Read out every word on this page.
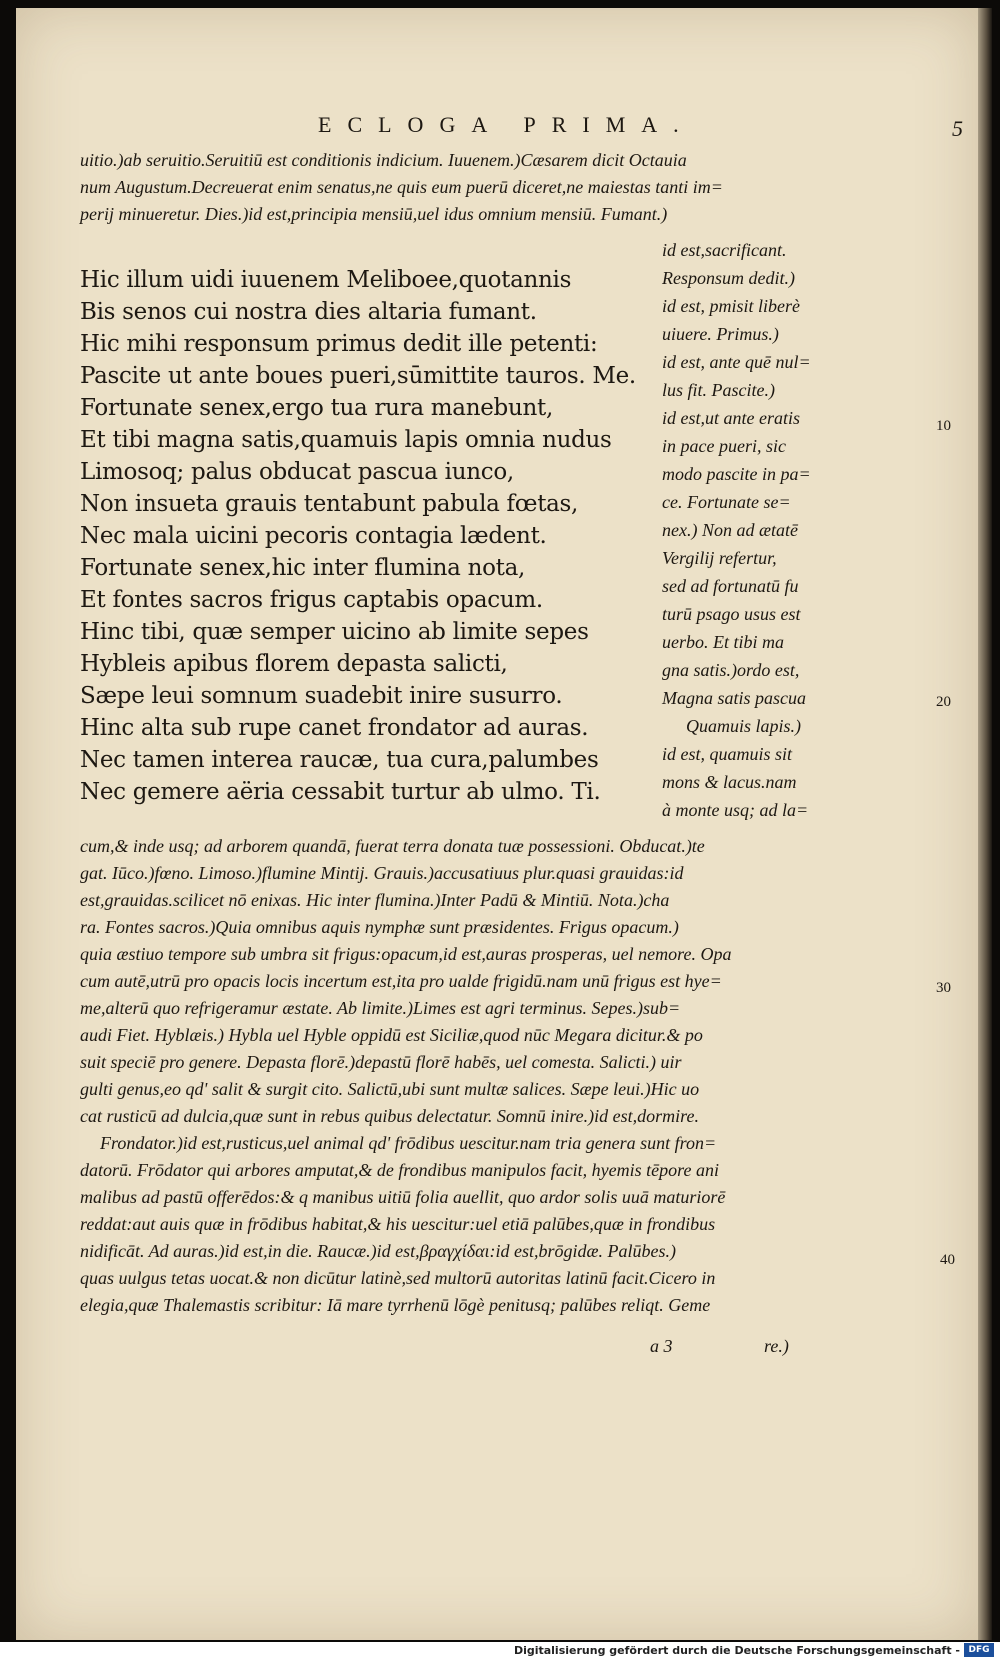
ECLOGA PRIMA.	5
uitio.)ab seruitio.Seruitiū est conditionis indicium. Iuuenem.)Cæsarem dicit Octauia
num Augustum.Decreuerat enim senatus,ne quis eum puerū diceret,ne maiestas tanti im=
perij minueretur. Dies.)id est,principia mensiū,uel idus omnium mensiū. Fumant.)
Hic illum uidi iuuenem Meliboee,quotannis
Bis senos cui nostra dies altaria fumant.
Hic mihi responsum primus dedit ille petenti:
Pascite ut ante boues pueri,sūmittite tauros. Me.
Fortunate senex,ergo tua rura manebunt,
Et tibi magna satis,quamuis lapis omnia nudus
Limosoq; palus obducat pascua iunco,
Non insueta grauis tentabunt pabula fœtas,
Nec mala uicini pecoris contagia lædent.
Fortunate senex,hic inter flumina nota,
Et fontes sacros frigus captabis opacum.
Hinc tibi, quæ semper uicino ab limite sepes
Hybleis apibus florem depasta salicti,
Sæpe leui somnum suadebit inire susurro.
Hinc alta sub rupe canet frondator ad auras.
Nec tamen interea raucæ, tua cura,palumbes
Nec gemere aëria cessabit turtur ab ulmo. Ti.
id est,sacrificant.
Responsum dedit.)
id est, pmisit liberè
uiuere. Primus.)
id est, ante quē nul=
lus fit. Pascite.)
id est,ut ante eratis
in pace pueri, sic
modo pascite in pa=
ce. Fortunate se=
nex.) Non ad ætatē
Vergilij refertur,
sed ad fortunatū fu
turū psago usus est
uerbo. Et tibi ma
gna satis.)ordo est,
Magna satis pascua
Quamuis lapis.)
id est, quamuis sit
mons & lacus.nam
à monte usq; ad la=
cum,& inde usq; ad arborem quandā, fuerat terra donata tuæ possessioni. Obducat.)te
gat. Iūco.)fœno. Limoso.)flumine Mintij. Grauis.)accusatiuus plur.quasi grauidas:id
est,grauidas.scilicet nō enixas. Hic inter flumina.)Inter Padū & Mintiū. Nota.)cha
ra. Fontes sacros.)Quia omnibus aquis nymphæ sunt præsidentes. Frigus opacum.)
quia æstiuo tempore sub umbra sit frigus:opacum,id est,auras prosperas, uel nemore. Opa
cum autē,utrū pro opacis locis incertum est,ita pro ualde frigidū.nam unū frigus est hye=
me,alterū quo refrigeramur æstate. Ab limite.)Limes est agri terminus. Sepes.)sub=
audi Fiet. Hyblæis.) Hybla uel Hyble oppidū est Siciliæ,quod nūc Megara dicitur.& po
suit speciē pro genere. Depasta florē.)depastū florē habēs, uel comesta. Salicti.) uir
gulti genus,eo qd' salit & surgit cito. Salictū,ubi sunt multæ salices. Sæpe leui.)Hic uo
cat rusticū ad dulcia,quæ sunt in rebus quibus delectatur. Somnū inire.)id est,dormire.
Frondator.)id est,rusticus,uel animal qd' frōdibus uescitur.nam tria genera sunt fron=
datorū. Frōdator qui arbores amputat,& de frondibus manipulos facit, hyemis tēpore ani
malibus ad pastū offerēdos:& q manibus uitiū folia auellit, quo ardor solis uuā maturiorē
reddat:aut auis quæ in frōdibus habitat,& his uescitur:uel etiā palūbes,quæ in frondibus
nidificāt. Ad auras.)id est,in die. Raucæ.)id est,βραγχίδαι:id est,brōgidæ. Palūbes.)
quas uulgus tetas uocat.& non dicūtur latinè,sed multorū autoritas latinū facit.Cicero in
elegia,quæ Thalemastis scribitur: Iā mare tyrrhenū lōgè penitusq; palūbes reliqt. Geme
a 3	re.)
10
20
30
40
Digitalisierung gefördert durch die Deutsche Forschungsgemeinschaft - DFG
